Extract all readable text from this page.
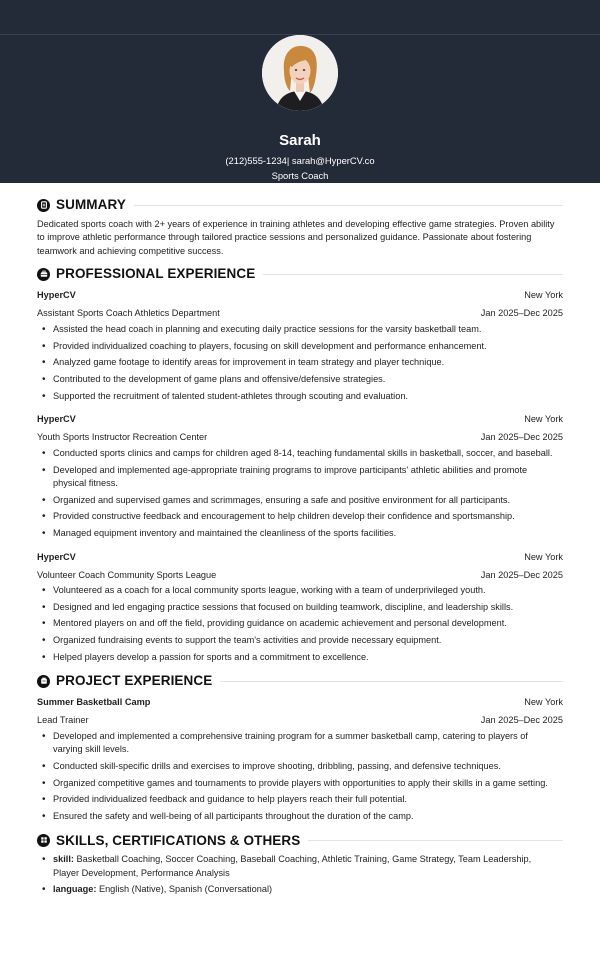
Sarah
(212)555-1234| sarah@HyperCV.co
Sports Coach
SUMMARY

Dedicated sports coach with 2+ years of experience in training athletes and developing effective game strategies. Proven ability to improve athletic performance through tailored practice sessions and personalized guidance. Passionate about fostering teamwork and achieving competitive success.

PROFESSIONAL EXPERIENCE
HyperCV	New York
Assistant Sports Coach Athletics Department	Jan 2025–Dec 2025
• Assisted the head coach in planning and executing daily practice sessions for the varsity basketball team.
• Provided individualized coaching to players, focusing on skill development and performance enhancement.
• Analyzed game footage to identify areas for improvement in team strategy and player technique.
• Contributed to the development of game plans and offensive/defensive strategies.
• Supported the recruitment of talented student-athletes through scouting and evaluation.
HyperCV	New York
Youth Sports Instructor Recreation Center	Jan 2025–Dec 2025
• Conducted sports clinics and camps for children aged 8-14, teaching fundamental skills in basketball, soccer, and baseball.
• Developed and implemented age-appropriate training programs to improve participants' athletic abilities and promote physical fitness.
• Organized and supervised games and scrimmages, ensuring a safe and positive environment for all participants.
• Provided constructive feedback and encouragement to help children develop their confidence and sportsmanship.
• Managed equipment inventory and maintained the cleanliness of the sports facilities.
HyperCV	New York
Volunteer Coach Community Sports League	Jan 2025–Dec 2025
• Volunteered as a coach for a local community sports league, working with a team of underprivileged youth.
• Designed and led engaging practice sessions that focused on building teamwork, discipline, and leadership skills.
• Mentored players on and off the field, providing guidance on academic achievement and personal development.
• Organized fundraising events to support the team's activities and provide necessary equipment.
• Helped players develop a passion for sports and a commitment to excellence.
PROJECT EXPERIENCE
Summer Basketball Camp	New York
Lead Trainer	Jan 2025–Dec 2025
• Developed and implemented a comprehensive training program for a summer basketball camp, catering to players of varying skill levels.
• Conducted skill-specific drills and exercises to improve shooting, dribbling, passing, and defensive techniques.
• Organized competitive games and tournaments to provide players with opportunities to apply their skills in a game setting.
• Provided individualized feedback and guidance to help players reach their full potential.
• Ensured the safety and well-being of all participants throughout the duration of the camp.
SKILLS, CERTIFICATIONS & OTHERS
• skill: Basketball Coaching, Soccer Coaching, Baseball Coaching, Athletic Training, Game Strategy, Team Leadership, Player Development, Performance Analysis
• language: English (Native), Spanish (Conversational)
